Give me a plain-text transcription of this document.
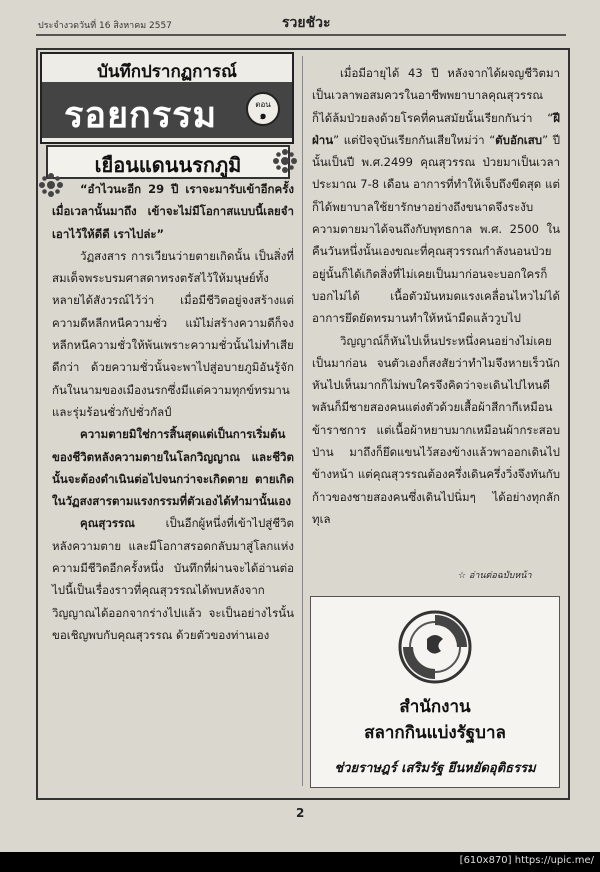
ประจำงวดวันที่ 16 สิงหาคม 2557	รวยชัวะ
บันทึกปรากฏการณ์
รอยกรรม	ตอน
๑
เยือนแดนนรกภูมิ

“อำไวนะอีก 29 ปี เราจะมารับเข้าอีกครั้ง เมื่อเวลานั้นมาถึง เข้าจะไม่มีโอกาสแบบนี้เลยจำเอาไว้ให้ดีดี เราไปล่ะ”

วัฏสงสาร การเวียนว่ายตายเกิดนั้น เป็นสิ่งที่สมเด็จพระบรมศาสดาทรงตรัสไว้ให้มนุษย์ทั้งหลายได้สังวรณ์ไว้ว่า เมื่อมีชีวิตอยู่จงสร้างแต่ความดีหลีกหนีความชั่ว แม้ไม่สร้างความดีก็จงหลีกหนีความชั่วให้พ้นเพราะความชั่วนั้นไม่ทำเสียดีกว่า ด้วยความชั่วนั้นจะพาไปสู่อบายภูมิอันรู้จักกันในนามของเมืองนรกซึ่งมีแต่ความทุกข์ทรมานและรุ่มร้อนชั่วกัปชั่วกัลป์

ความตายมิใช่การสิ้นสุดแต่เป็นการเริ่มต้นของชีวิตหลังความตายในโลกวิญญาณ และชีวิตนั้นจะต้องดำเนินต่อไปจนกว่าจะเกิดตาย ตายเกิดในวัฏสงสารตามแรงกรรมที่ตัวเองได้ทำมานั้นเอง

คุณสุวรรณ เป็นอีกผู้หนึ่งที่เข้าไปสู่ชีวิตหลังความตาย และมีโอกาสรอดกลับมาสู่โลกแห่งความมีชีวิตอีกครั้งหนึ่ง บันทึกที่ผ่านจะได้อ่านต่อไปนี้เป็นเรื่องราวที่คุณสุวรรณได้พบหลังจากวิญญาณได้ออกจากร่างไปแล้ว จะเป็นอย่างไรนั้นขอเชิญพบกับคุณสุวรรณ ด้วยตัวของท่านเอง

เมื่อมีอายุได้ 43 ปี หลังจากได้ผจญชีวิตมาเป็นเวลาพอสมควรในอาชีพพยาบาลคุณสุวรรณก็ได้ล้มป่วยลงด้วยโรคที่คนสมัยนั้นเรียกกันว่า “ฝีฝ่าน” แต่ปัจจุบันเรียกกันเสียใหม่ว่า “ตับอักเสบ” ปีนั้นเป็นปี พ.ศ.2499 คุณสุวรรณ ป่วยมาเป็นเวลาประมาณ 7-8 เดือน อาการที่ทำให้เจ็บถึงขีดสุด แต่ก็ได้พยาบาลใช้ยารักษาอย่างถึงขนาดจึงระงับความตายมาได้จนถึงกับพุทธกาล พ.ศ. 2500 ในคืนวันหนึ่งนั้นเองขณะที่คุณสุวรรณกำลังนอนป่วยอยู่นั้นก็ได้เกิดสิ่งที่ไม่เคยเป็นมาก่อนจะบอกใครก็บอกไม่ได้ เนื้อตัวมันหมดแรงเคลื่อนไหวไม่ได้ อาการยึดยัดทรมานทำให้หน้ามืดแล้ววูบไป

วิญญาณ์ก็หันไปเห็นประหนึ่งคนอย่างไม่เคยเป็นมาก่อน จนตัวเองก็สงสัยว่าทำไมจึงหายเร็วนัก หันไปเห็นมากก็ไม่พบใครจึงคิดว่าจะเดินไปไหนดี พลันก็มีชายสองคนแต่งตัวด้วยเสื้อผ้าสีกากีเหมือนข้าราชการ แต่เนื้อผ้าหยาบมากเหมือนผ้ากระสอบป่าน มาถึงก็ยึดแขนไว้สองข้างแล้วพาออกเดินไปข้างหน้า แต่คุณสุวรรณต้องครึ่งเดินครึ่งวิ่งจึงทันกับก้าวของชายสองคนซึ่งเดินไปนิ่มๆ ได้อย่างทุกลักทุเล

☆ อ่านต่อฉบับหน้า
สำนักงาน
สลากกินแบ่งรัฐบาล
ช่วยราษฎร์ เสริมรัฐ ยึนหยัดอุติธรรม
2
[610x870] https://upic.me/
